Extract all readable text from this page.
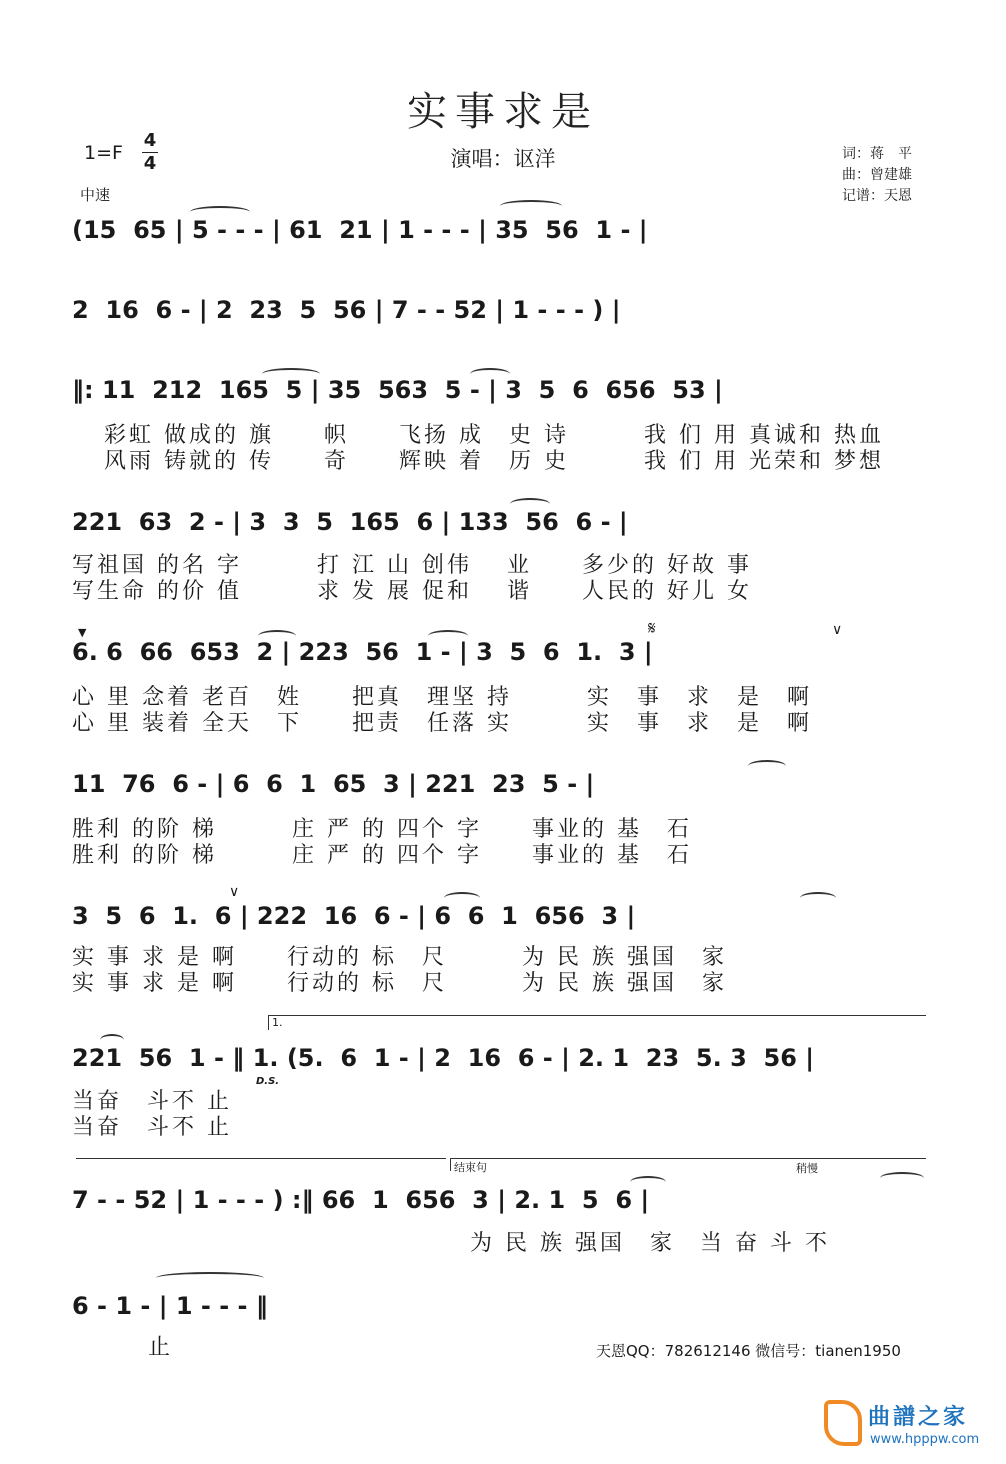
实事求是
1=F
4
4
中速
演唱：讴洋	词：蒋　平
曲：曾建雄
记谱：天恩
(15  65 | 5 - - - | 61  21 | 1 - - - | 35  56  1 - |
2  16  6 - | 2  23  5  56 | 7 - - 52 | 1 - - - ) |
‖: 11  212  165  5 | 35  563  5 - | 3  5  6  656  53 |
彩虹 做成的 旗　　帜　　飞扬 成　史 诗　　　我 们 用 真诚和 热血
风雨 铸就的 传　　奇　　辉映 着　历 史　　　我 们 用 光荣和 梦想
221  63  2 - | 3  3  5  165  6 | 133  56  6 - |
写祖国 的名 字　　　打 江 山 创伟　 业　　多少的 好故 事
写生命 的价 值　　　求 发 展 促和　 谐　　人民的 好儿 女
▼	𝄋	∨
6. 6  66  653  2 | 223  56  1 - | 3  5  6  1.  3 |
心 里 念着 老百　姓　　把真　理坚 持　　　实　事　求　是　啊
心 里 装着 全天　下　　把责　任落 实　　　实　事　求　是　啊
11  76  6 - | 6  6  1  65  3 | 221  23  5 - |
胜利 的阶 梯　　　庄 严 的 四个 字　　事业的 基　石
胜利 的阶 梯　　　庄 严 的 四个 字　　事业的 基　石
∨
3  5  6  1.  6 | 222  16  6 - | 6  6  1  656  3 |
实 事 求 是 啊　　行动的 标　尺　　　为 民 族 强国　家
实 事 求 是 啊　　行动的 标　尺　　　为 民 族 强国　家
1.
221  56  1 - ‖ 1. (5.  6  1 - | 2  16  6 - | 2. 1  23  5. 3  56 |
D.S.
当奋　斗不 止
当奋　斗不 止
结束句	稍慢
7 - - 52 | 1 - - - ) :‖ 66  1  656  3 | 2. 1  5  6 |
为 民 族 强国　家　当 奋 斗 不
6 - 1 - | 1 - - - ‖
止	天恩QQ：782612146 微信号：tianen1950
曲譜之家
www.hpppw.com
